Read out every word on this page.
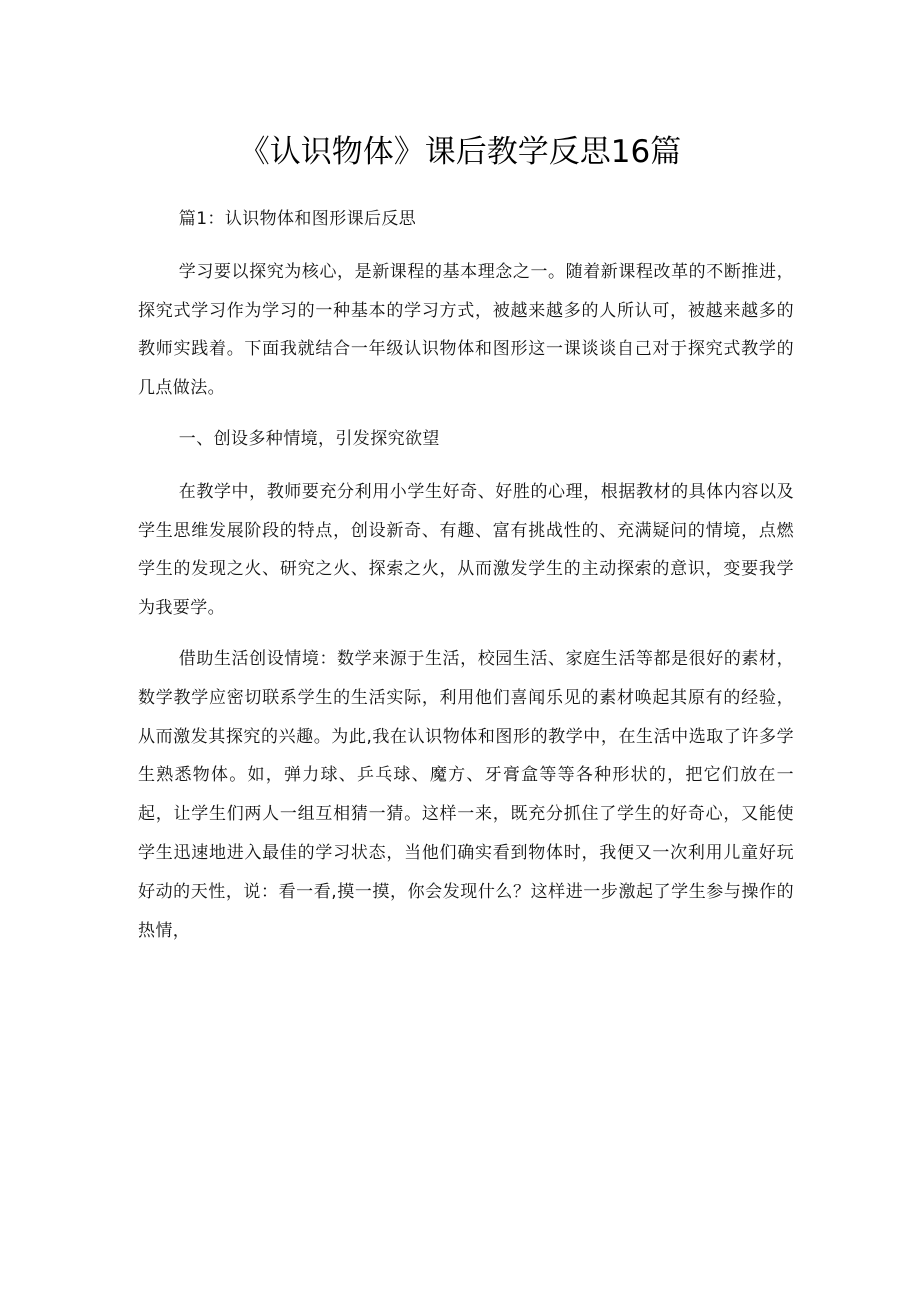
《认识物体》课后教学反思16篇

篇1：认识物体和图形课后反思

学习要以探究为核心，是新课程的基本理念之一。随着新课程改革的不断推进，探究式学习作为学习的一种基本的学习方式，被越来越多的人所认可，被越来越多的教师实践着。下面我就结合一年级认识物体和图形这一课谈谈自己对于探究式教学的几点做法。

一、创设多种情境，引发探究欲望

在教学中，教师要充分利用小学生好奇、好胜的心理，根据教材的具体内容以及学生思维发展阶段的特点，创设新奇、有趣、富有挑战性的、充满疑问的情境，点燃学生的发现之火、研究之火、探索之火，从而激发学生的主动探索的意识，变要我学为我要学。

借助生活创设情境：数学来源于生活，校园生活、家庭生活等都是很好的素材，数学教学应密切联系学生的生活实际，利用他们喜闻乐见的素材唤起其原有的经验，从而激发其探究的兴趣。为此,我在认识物体和图形的教学中，在生活中选取了许多学生熟悉物体。如，弹力球、乒乓球、魔方、牙膏盒等等各种形状的，把它们放在一起，让学生们两人一组互相猜一猜。这样一来，既充分抓住了学生的好奇心，又能使学生迅速地进入最佳的学习状态，当他们确实看到物体时，我便又一次利用儿童好玩好动的天性，说：看一看,摸一摸，你会发现什么？这样进一步激起了学生参与操作的热情，
